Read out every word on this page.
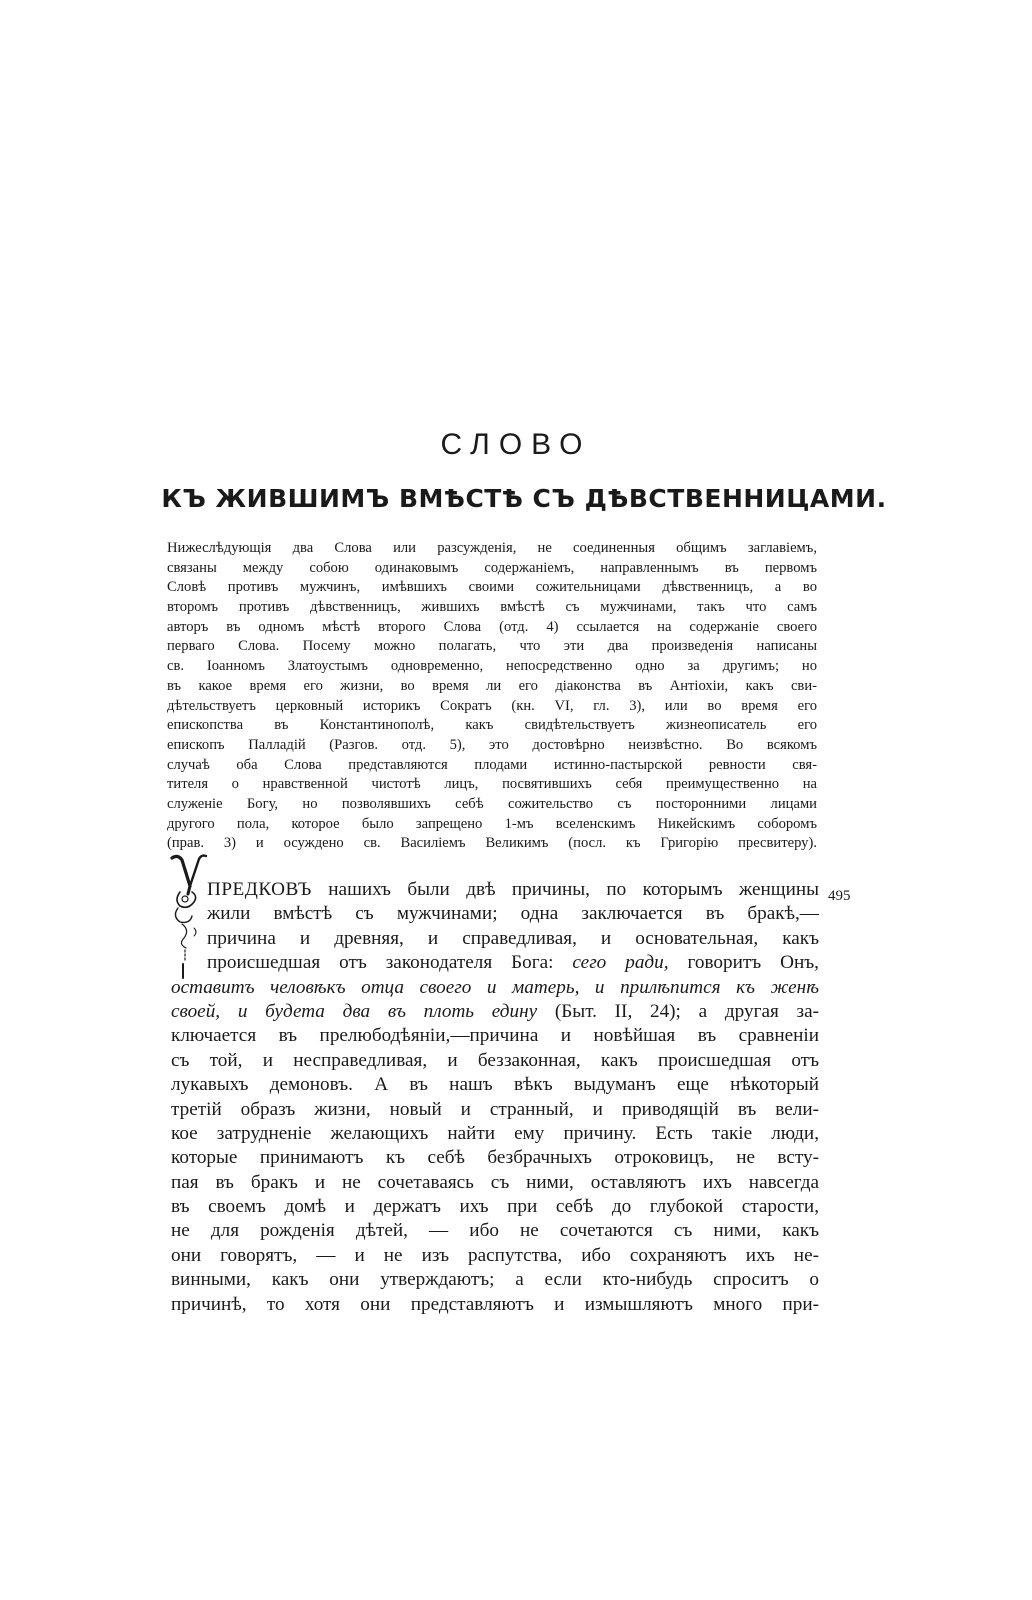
СЛОВО
КЪ ЖИВШИМЪ ВМѢСТѢ СЪ ДѢВСТВЕННИЦАМИ.
Нижеслѣдующія два Слова или разсужденія, не соединенныя общимъ заглавіемъ,
связаны между собою одинаковымъ содержаніемъ, направленнымъ въ первомъ
Словѣ противъ мужчинъ, имѣвшихъ своими сожительницами дѣвственницъ, а во
второмъ противъ дѣвственницъ, жившихъ вмѣстѣ съ мужчинами, такъ что самъ
авторъ въ одномъ мѣстѣ второго Слова (отд. 4) ссылается на содержаніе своего
перваго Слова. Посему можно полагать, что эти два произведенія написаны
св. Іоанномъ Златоустымъ одновременно, непосредственно одно за другимъ; но
въ какое время его жизни, во время ли его діаконства въ Антіохіи, какъ сви-
дѣтельствуетъ церковный историкъ Сократъ (кн. VI, гл. 3), или во время его
епископства въ Константинополѣ, какъ свидѣтельствуетъ жизнеописатель его
епископъ Палладій (Разгов. отд. 5), это достовѣрно неизвѣстно. Во всякомъ
случаѣ оба Слова представляются плодами истинно-пастырской ревности свя-
тителя о нравственной чистотѣ лицъ, посвятившихъ себя преимущественно на
служеніе Богу, но позволявшихъ себѣ сожительство съ посторонними лицами
другого пола, которое было запрещено 1-мъ вселенскимъ Никейскимъ соборомъ
(прав. 3) и осуждено св. Василіемъ Великимъ (посл. къ Григорію пресвитеру).
ПРЕДКОВЪ нашихъ были двѣ причины, по которымъ женщины
жили вмѣстѣ съ мужчинами; одна заключается въ бракѣ,—
причина и древняя, и справедливая, и основательная, какъ
происшедшая отъ законодателя Бога: сего ради, говоритъ Онъ,
оставитъ человѣкъ отца своего и матерь, и прилѣпится къ женѣ
своей, и будета два въ плоть едину (Быт. II, 24); а другая за-
ключается въ прелюбодѣяніи,—причина и новѣйшая въ сравненіи
съ той, и несправедливая, и беззаконная, какъ происшедшая отъ
лукавыхъ демоновъ. А въ нашъ вѣкъ выдуманъ еще нѣкоторый
третій образъ жизни, новый и странный, и приводящій въ вели-
кое затрудненіе желающихъ найти ему причину. Есть такіе люди,
которые принимаютъ къ себѣ безбрачныхъ отроковицъ, не всту-
пая въ бракъ и не сочетаваясь съ ними, оставляютъ ихъ навсегда
въ своемъ домѣ и держатъ ихъ при себѣ до глубокой старости,
не для рожденія дѣтей, — ибо не сочетаются съ ними, какъ
они говорятъ, — и не изъ распутства, ибо сохраняютъ ихъ не-
винными, какъ они утверждаютъ; а если кто-нибудь спроситъ о
причинѣ, то хотя они представляютъ и измышляютъ много при-
495
